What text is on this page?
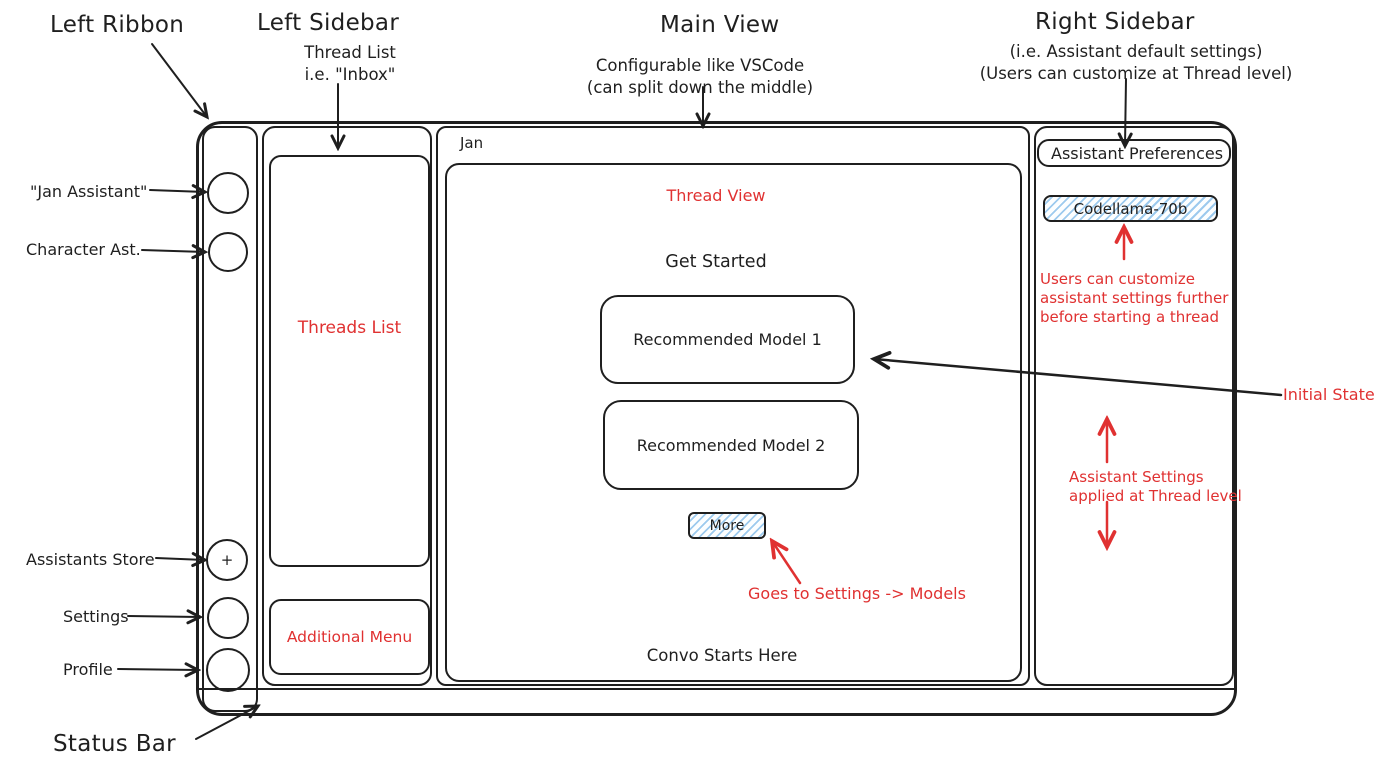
Left Ribbon	Left Sidebar
Thread List
i.e. "Inbox"
Main View
Configurable like VSCode
(can split down the middle)
Right Sidebar
(i.e. Assistant default settings)
(Users can customize at Thread level)
"Jan Assistant"
Character Ast.
Assistants Store
Settings
Profile
Status Bar
+
Threads List
Additional Menu
Jan
Thread View
Get Started
Recommended Model 1
Recommended Model 2
More
Convo Starts Here
Assistant Preferences
Codellama-70b
Users can customize
assistant settings further
before starting a thread
Initial State
Assistant Settings
applied at Thread level
Goes to Settings -> Models
